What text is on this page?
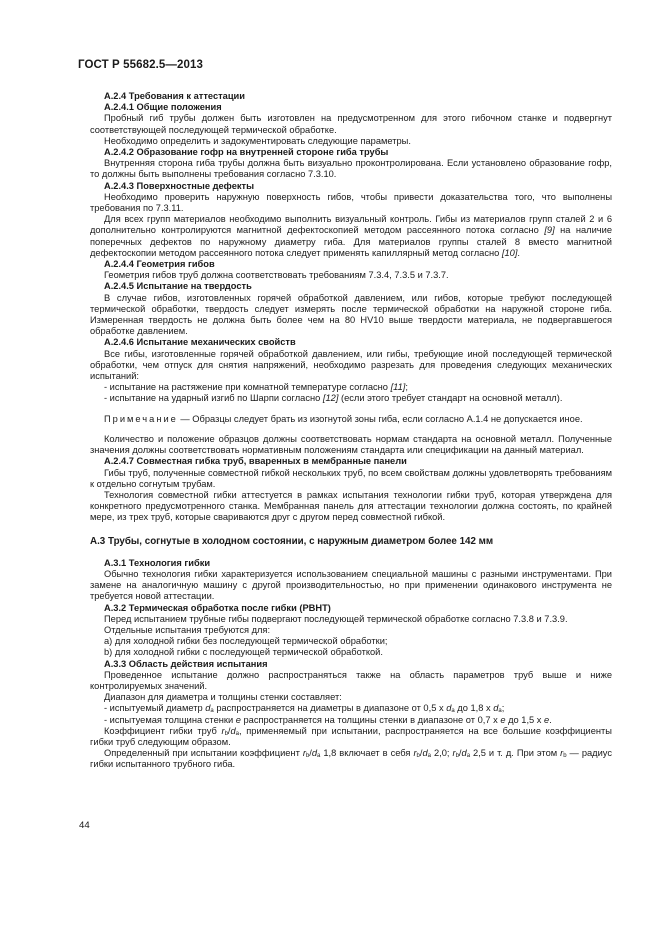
ГОСТ Р 55682.5—2013

А.2.4 Требования к аттестации

А.2.4.1 Общие положения

Пробный гиб трубы должен быть изготовлен на предусмотренном для этого гибочном станке и подвергнут соответствующей последующей термической обработке.

Необходимо определить и задокументировать следующие параметры.

А.2.4.2 Образование гофр на внутренней стороне гиба трубы

Внутренняя сторона гиба трубы должна быть визуально проконтролирована. Если установлено образование гофр, то должны быть выполнены требования согласно 7.3.10.

А.2.4.3 Поверхностные дефекты

Необходимо проверить наружную поверхность гибов, чтобы привести доказательства того, что выполнены требования по 7.3.11.

Для всех групп материалов необходимо выполнить визуальный контроль. Гибы из материалов групп сталей 2 и 6 дополнительно контролируются магнитной дефектоскопией методом рассеянного потока согласно [9] на наличие поперечных дефектов по наружному диаметру гиба. Для материалов группы сталей 8 вместо магнитной дефектоскопии методом рассеянного потока следует применять капиллярный метод согласно [10].

А.2.4.4 Геометрия гибов

Геометрия гибов труб должна соответствовать требованиям 7.3.4, 7.3.5 и 7.3.7.

А.2.4.5 Испытание на твердость

В случае гибов, изготовленных горячей обработкой давлением, или гибов, которые требуют последующей термической обработки, твердость следует измерять после термической обработки на наружной стороне гиба. Измеренная твердость не должна быть более чем на 80 HV10 выше твердости материала, не подвергавшегося обработке давлением.

А.2.4.6 Испытание механических свойств

Все гибы, изготовленные горячей обработкой давлением, или гибы, требующие иной последующей термической обработки, чем отпуск для снятия напряжений, необходимо разрезать для проведения следующих механических испытаний:

- испытание на растяжение при комнатной температуре согласно [11];

- испытание на ударный изгиб по Шарпи согласно [12] (если этого требует стандарт на основной металл).

Примечание — Образцы следует брать из изогнутой зоны гиба, если согласно А.1.4 не допускается иное.

Количество и положение образцов должны соответствовать нормам стандарта на основной металл. Полученные значения должны соответствовать нормативным положениям стандарта или спецификации на данный материал.

А.2.4.7 Совместная гибка труб, вваренных в мембранные панели

Гибы труб, полученные совместной гибкой нескольких труб, по всем свойствам должны удовлетворять требованиям к отдельно согнутым трубам.

Технология совместной гибки аттестуется в рамках испытания технологии гибки труб, которая утверждена для конкретного предусмотренного станка. Мембранная панель для аттестации технологии должна состоять, по крайней мере, из трех труб, которые свариваются друг с другом перед совместной гибкой.

А.3 Трубы, согнутые в холодном состоянии, с наружным диаметром более 142 мм

А.3.1 Технология гибки

Обычно технология гибки характеризуется использованием специальной машины с разными инструментами. При замене на аналогичную машину с другой производительностью, но при применении одинакового инструмента не требуется новой аттестации.

А.3.2 Термическая обработка после гибки (PBHT)

Перед испытанием трубные гибы подвергают последующей термической обработке согласно 7.3.8 и 7.3.9.

Отдельные испытания требуются для:

а) для холодной гибки без последующей термической обработки;

b) для холодной гибки с последующей термической обработкой.

А.3.3 Область действия испытания

Проведенное испытание должно распространяться также на область параметров труб выше и ниже контролируемых значений.

Диапазон для диаметра и толщины стенки составляет:

- испытуемый диаметр $d_a$ распространяется на диаметры в диапазоне от 0,5 x $d_a$ до 1,8 x $d_a$;

- испытуемая толщина стенки e распространяется на толщины стенки в диапазоне от 0,7 x e до 1,5 x e.

Коэффициент гибки труб $r_b/d_a$, применяемый при испытании, распространяется на все большие коэффициенты гибки труб следующим образом.

Определенный при испытании коэффициент $r_b/d_a$ 1,8 включает в себя $r_b/d_a$ 2,0; $r_b/d_a$ 2,5 и т. д. При этом $r_b$ — радиус гибки испытанного трубного гиба.

44
